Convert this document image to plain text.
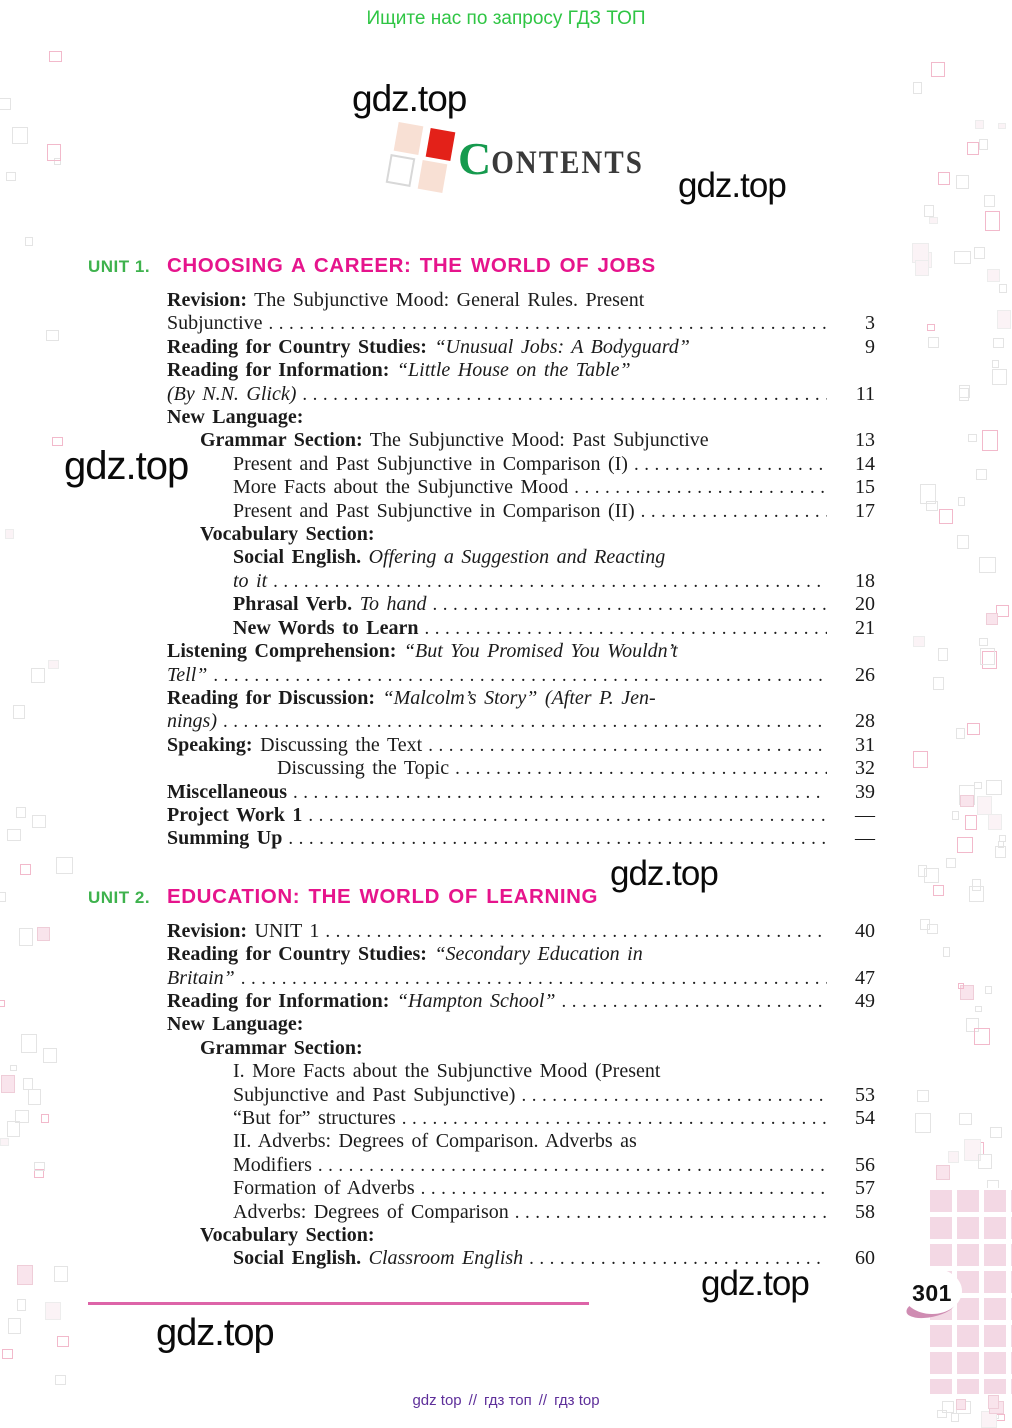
Ищите нас по запросу ГДЗ ТОП
C ONTENTS
gdz.top
gdz.top
gdz.top
gdz.top
gdz.top
gdz.top
UNIT 1. CHOOSING A CAREER: THE WORLD OF JOBS
Revision: The Subjunctive Mood: General Rules. Present
Subjunctive .....	3
Reading for Country Studies: “Unusual Jobs: A Bodyguard”	9
Reading for Information: “Little House on the Table”
(By N.N. Glick) .....	11
New Language:
Grammar Section: The Subjunctive Mood: Past Subjunctive	13
Present and Past Subjunctive in Comparison (I) .....	14
More Facts about the Subjunctive Mood .....	15
Present and Past Subjunctive in Comparison (II) .....	17
Vocabulary Section:
Social English. Offering a Suggestion and Reacting
to it .....	18
Phrasal Verb. To hand .....	20
New Words to Learn .....	21
Listening Comprehension: “But You Promised You Wouldn’t
Tell” .....	26
Reading for Discussion: “Malcolm’s Story” (After P. Jen-
nings) .....	28
Speaking: Discussing the Text .....	31
Discussing the Topic .....	32
Miscellaneous .....	39
Project Work 1 .....	—
Summing Up .....	—
UNIT 2. EDUCATION: THE WORLD OF LEARNING
Revision: UNIT 1 .....	40
Reading for Country Studies: “Secondary Education in
Britain” .....	47
Reading for Information: “Hampton School” .....	49
New Language:
Grammar Section:
I. More Facts about the Subjunctive Mood (Present
Subjunctive and Past Subjunctive) .....	53
“But for” structures .....	54
II. Adverbs: Degrees of Comparison. Adverbs as
Modifiers .....	56
Formation of Adverbs .....	57
Adverbs: Degrees of Comparison .....	58
Vocabulary Section:
Social English. Classroom English .....	60
301
gdz top // гдз топ // гдз top
